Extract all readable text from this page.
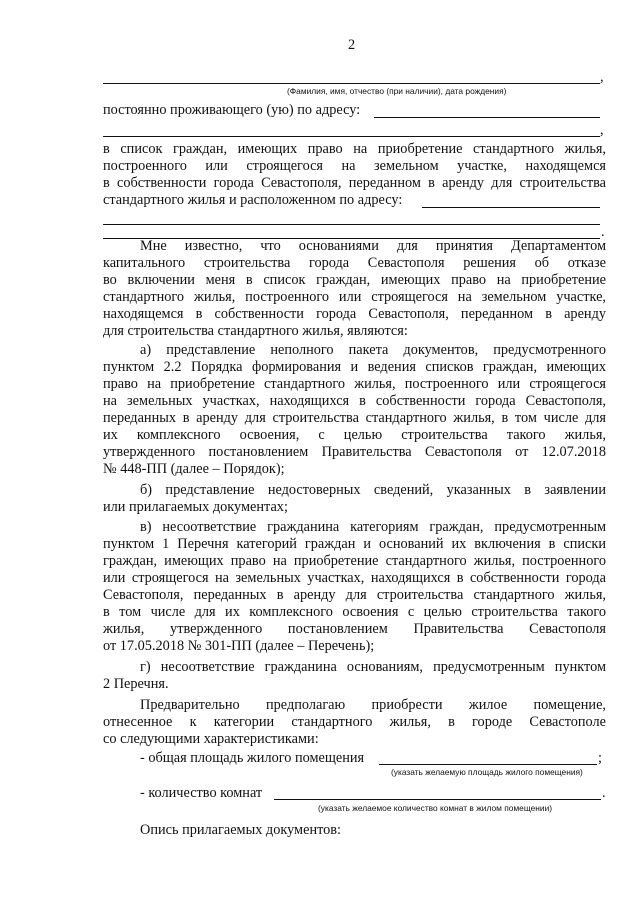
2
,
(Фамилия, имя, отчество (при наличии), дата рождения)
постоянно проживающего (ую) по адресу:
,
в список граждан, имеющих право на приобретение стандартного жилья,
построенного или строящегося на земельном участке, находящемся
в собственности города Севастополя, переданном в аренду для строительства
стандартного жилья и расположенном по адресу:
.
Мне известно, что основаниями для принятия Департаментом
капитального строительства города Севастополя решения об отказе
во включении меня в список граждан, имеющих право на приобретение
стандартного жилья, построенного или строящегося на земельном участке,
находящемся в собственности города Севастополя, переданном в аренду
для строительства стандартного жилья, являются:
а) представление неполного пакета документов, предусмотренного
пунктом 2.2 Порядка формирования и ведения списков граждан, имеющих
право на приобретение стандартного жилья, построенного или строящегося
на земельных участках, находящихся в собственности города Севастополя,
переданных в аренду для строительства стандартного жилья, в том числе для
их комплексного освоения, с целью строительства такого жилья,
утвержденного постановлением Правительства Севастополя от 12.07.2018
№ 448-ПП (далее – Порядок);
б) представление недостоверных сведений, указанных в заявлении
или прилагаемых документах;
в) несоответствие гражданина категориям граждан, предусмотренным
пунктом 1 Перечня категорий граждан и оснований их включения в списки
граждан, имеющих право на приобретение стандартного жилья, построенного
или строящегося на земельных участках, находящихся в собственности города
Севастополя, переданных в аренду для строительства стандартного жилья,
в том числе для их комплексного освоения с целью строительства такого
жилья, утвержденного постановлением Правительства Севастополя
от 17.05.2018 № 301-ПП (далее – Перечень);
г) несоответствие гражданина основаниям, предусмотренным пунктом
2 Перечня.
Предварительно предполагаю приобрести жилое помещение,
отнесенное к категории стандартного жилья, в городе Севастополе
со следующими характеристиками:
- общая площадь жилого помещения	;
(указать желаемую площадь жилого помещения)
- количество комнат	.
(указать желаемое количество комнат в жилом помещении)
Опись прилагаемых документов:
